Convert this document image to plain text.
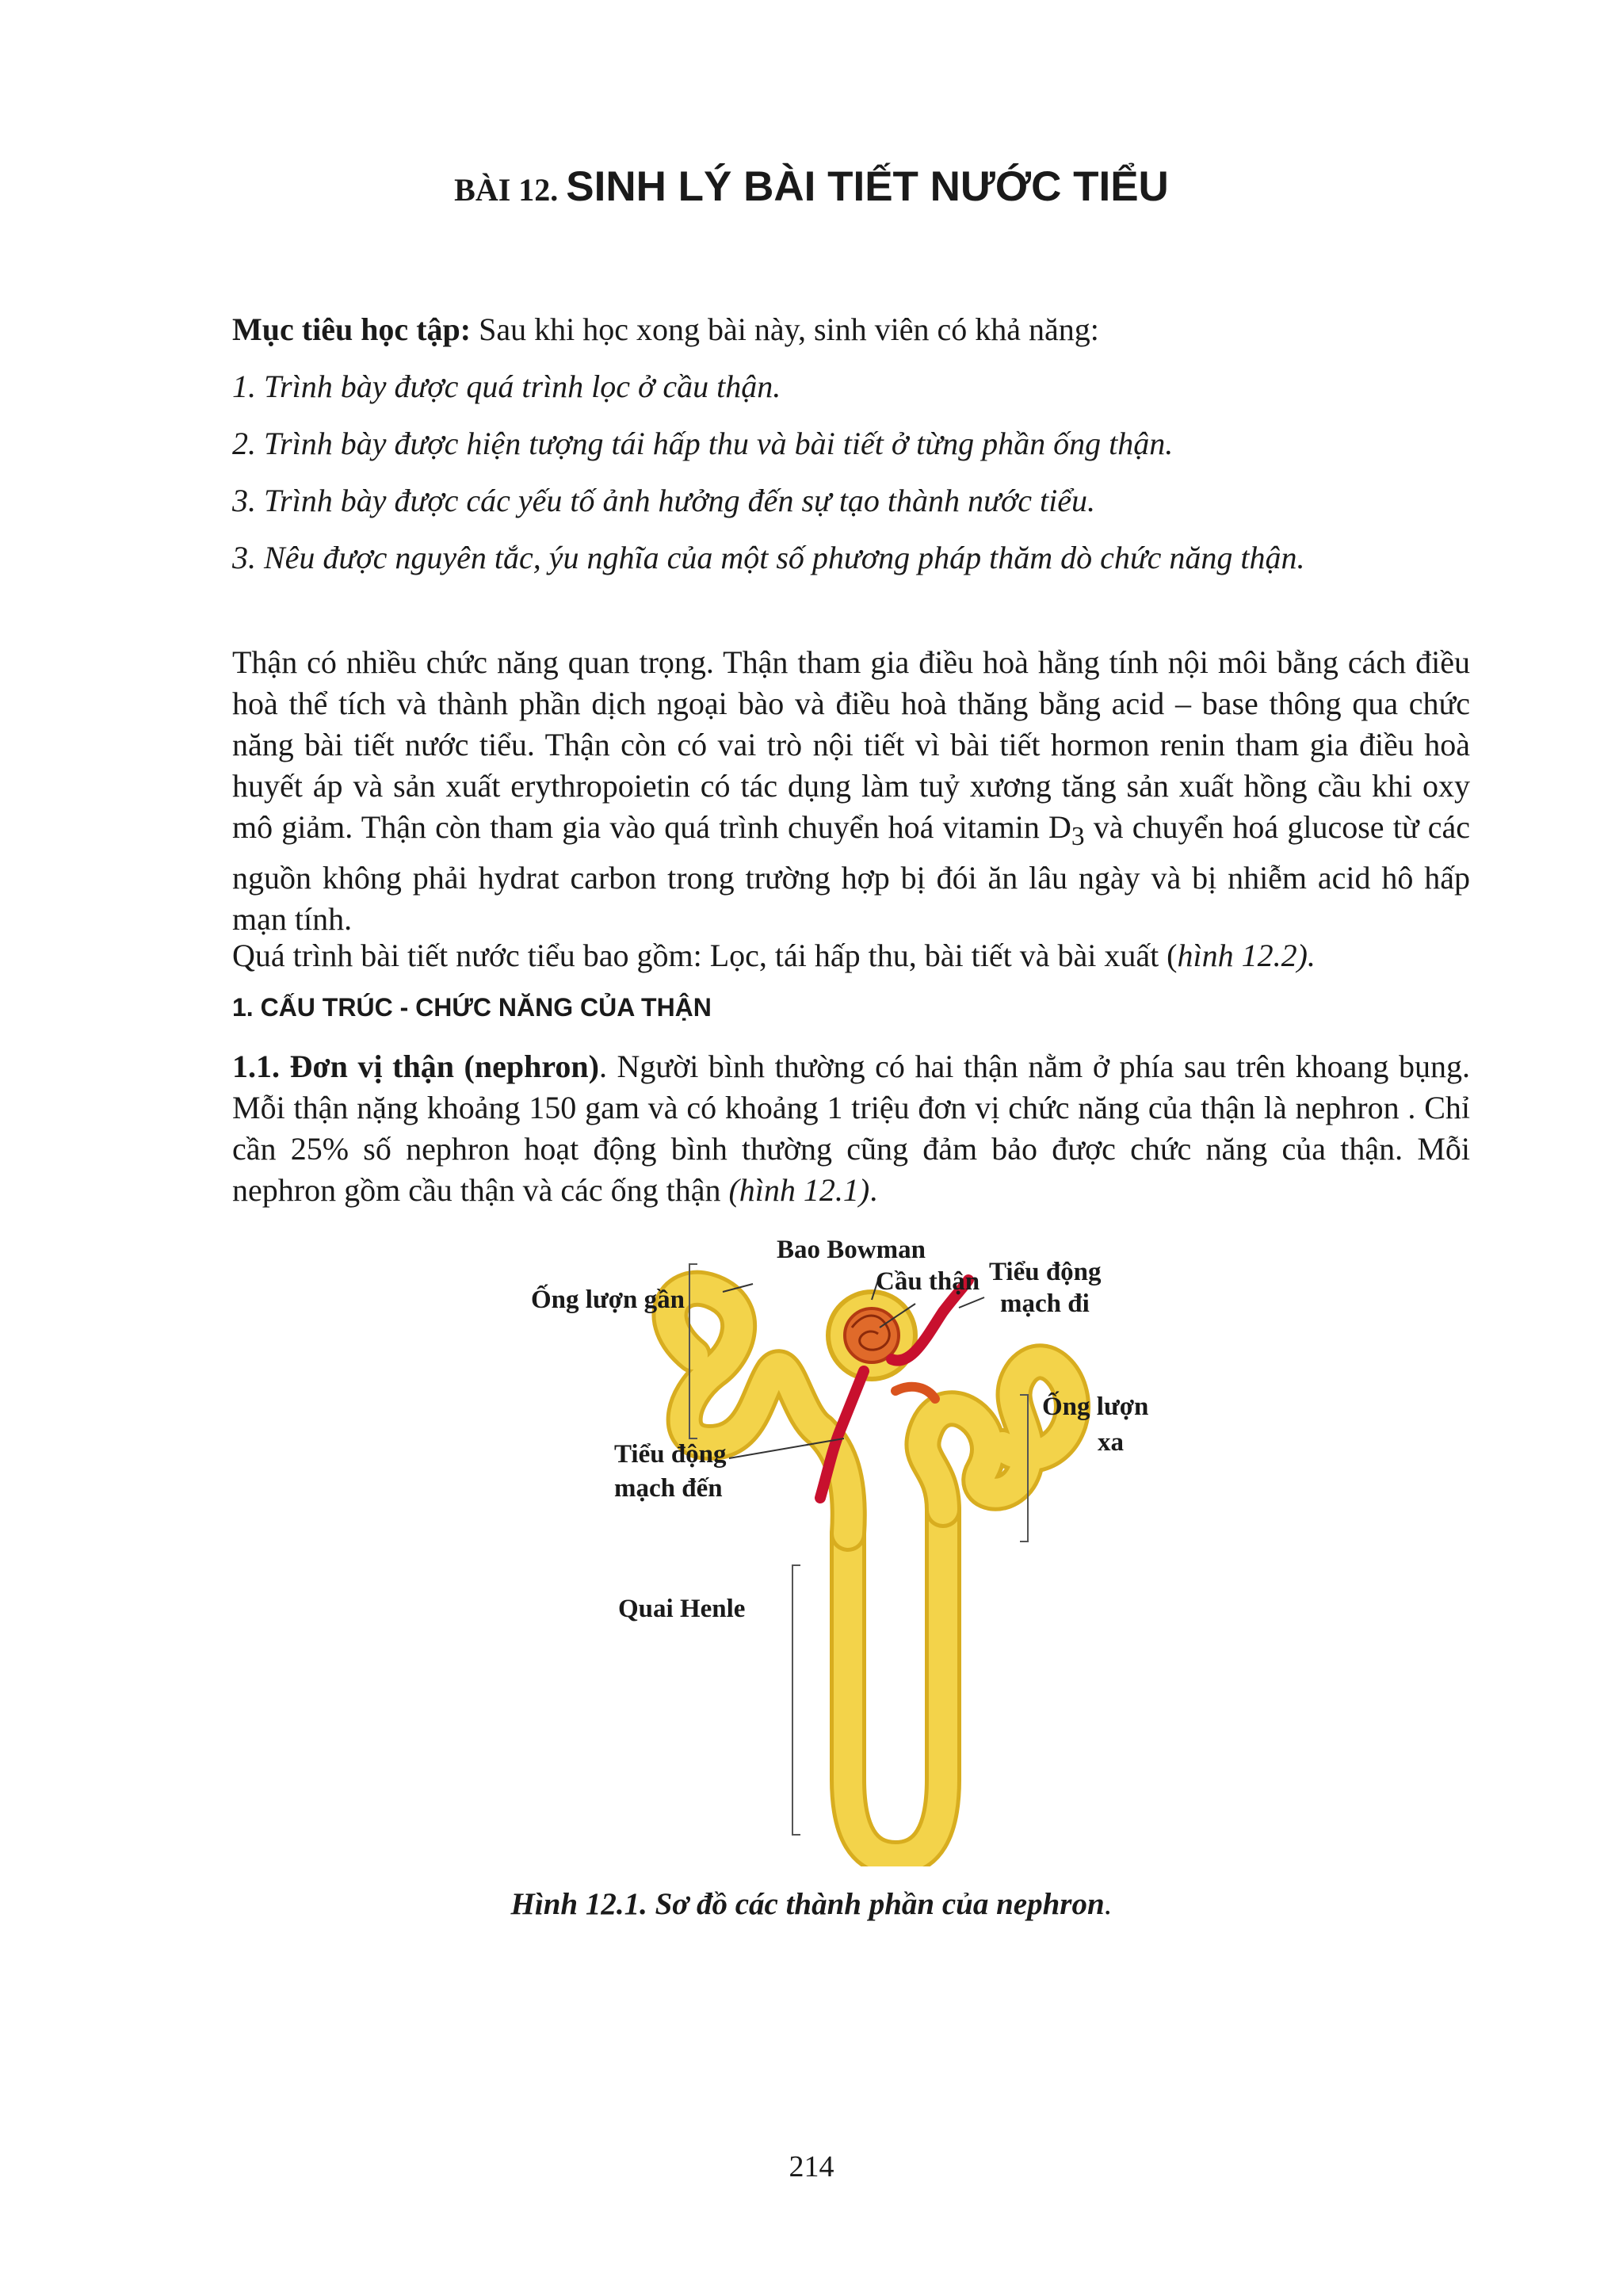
BÀI 12. SINH LÝ BÀI TIẾT NƯỚC TIỂU

Mục tiêu học tập: Sau khi học xong bài này, sinh viên có khả năng:

1. Trình bày được quá trình lọc ở cầu thận.

2. Trình bày được hiện tượng tái hấp thu và bài tiết ở từng phần ống thận.

3. Trình bày được các yếu tố ảnh hưởng đến sự tạo thành nước tiểu.

3. Nêu được nguyên tắc, ýu nghĩa của một số phương pháp thăm dò chức năng thận.

Thận có nhiều chức năng quan trọng. Thận tham gia điều hoà hằng tính nội môi bằng cách điều hoà thể tích và thành phần dịch ngoại bào và điều hoà thăng bằng acid – base thông qua chức năng bài tiết nước tiểu. Thận còn có vai trò nội tiết vì bài tiết hormon renin tham gia điều hoà huyết áp và sản xuất erythropoietin có tác dụng làm tuỷ xương tăng sản xuất hồng cầu khi oxy mô giảm. Thận còn tham gia vào quá trình chuyển hoá vitamin $D_3$ và chuyển hoá glucose từ các nguồn không phải hydrat carbon trong trường hợp bị đói ăn lâu ngày và bị nhiễm acid hô hấp mạn tính.

Quá trình bài tiết nước tiểu bao gồm: Lọc, tái hấp thu, bài tiết và bài xuất (hình 12.2).

1. CẤU TRÚC - CHỨC NĂNG CỦA THẬN

1.1. Đơn vị thận (nephron). Người bình thường có hai thận nằm ở phía sau trên khoang bụng. Mỗi thận nặng khoảng 150 gam và có khoảng 1 triệu đơn vị chức năng của thận là nephron . Chỉ cần 25% số nephron hoạt động bình thường cũng đảm bảo được chức năng của thận. Mỗi nephron gồm cầu thận và các ống thận (hình 12.1).

Bao Bowman
Cầu thận Tiểu động
mạch đi
Ống lượn gần
Ống lượn
xa
Tiểu động
mạch đến
Quai Henle

Hình 12.1. Sơ đồ các thành phần của nephron.

214
